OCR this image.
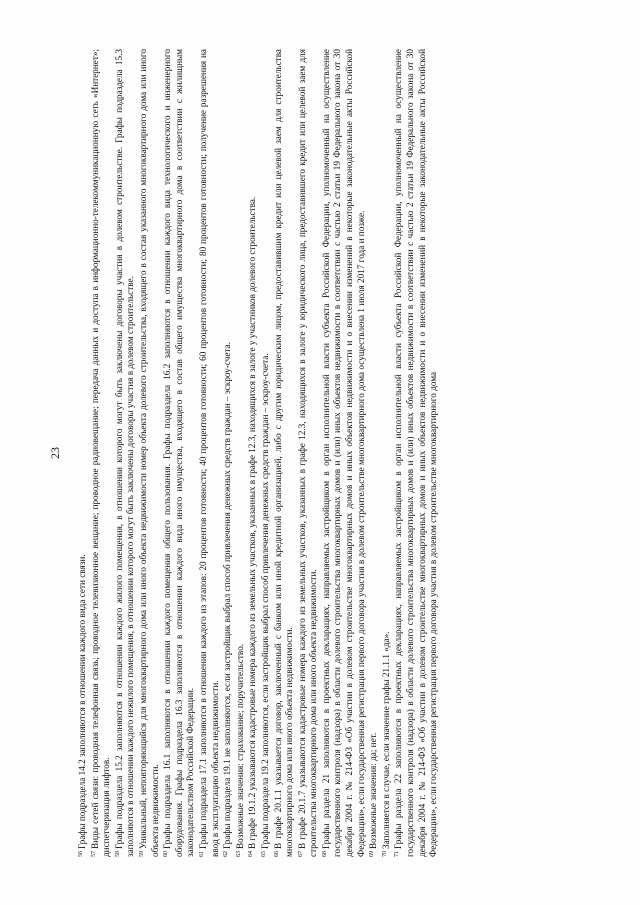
23

$^{56}$Графы подраздела 14.2 заполняются в отношении каждого вида сети связи.

$^{57}$Виды сетей связи: проводная телефонная связь; проводное телевизионное вещание; проводное радиовещание; передача данных и доступа в информационно-телекоммуникационную сеть «Интернет»; диспетчеризация лифтов. $^{58}$Графы подраздела 15.2 заполняются в отношении каждого жилого помещения, в отношении которого могут быть заключены договоры участия в долевом строительстве. Графы подраздела 15.3 заполняются в отношении каждого нежилого помещения, в отношении которого могут быть заключены договоры участия в долевом строительстве. $^{59}$Уникальный, неповторяющийся для многоквартирного дома или иного объекта недвижимости номер объекта долевого строительства, входящего в состав указанного многоквартирного дома или иного объекта недвижимости. $^{60}$Графы подраздела 16.1 заполняются в отношении каждого помещения общего пользования. Графы подраздела 16.2 заполняются в отношении каждого вида технологического и инженерного оборудования. Графы подраздела 16.3 заполняются в отношении каждого вида иного имущества, входящего в состав общего имущества многоквартирного дома в соответствии с жилищным законодательством Российской Федерации. $^{61}$Графы подраздела 17.1 заполняются в отношении каждого из этапов: 20 процентов готовности; 40 процентов готовности; 60 процентов готовности; 80 процентов готовности; получение разрешения на ввод в эксплуатацию объекта недвижимости. $^{62}$Графы подраздела 19.1 не заполняются, если застройщик выбрал способ привлечения денежных средств граждан – эскроу-счета.

$^{63}$Возможные значения: страхование; поручительство.

$^{64}$В графе 19.1.2 указываются кадастровые номера каждого из земельных участков, указанных в графе 12.3, находящихся в залоге у участников долевого строительства.

$^{65}$Графы подраздела 19.2 заполняются, если застройщик выбрал способ привлечения денежных средств граждан – эскроу-счета.

$^{66}$В графе 20.1.1 указывается договор, заключенный с банком или иной кредитной организацией, либо с другим юридическим лицом, предоставившим кредит или целевой заем для строительства многоквартирного дома или иного объекта недвижимости. $^{67}$В графе 20.1.7 указываются кадастровые номера каждого из земельных участков, указанных в графе 12.3, находящихся в залоге у юридического лица, предоставившего кредит или целевой заем для строительства многоквартирного дома или иного объекта недвижимости. $^{68}$Графы раздела 21 заполняются в проектных декларациях, направляемых застройщиком в орган исполнительной власти субъекта Российской Федерации, уполномоченный на осуществление государственного контроля (надзора) в области долевого строительства многоквартирных домов и (или) иных объектов недвижимости в соответствии с частью 2 статьи 19 Федерального закона от 30 декабря 2004 г. № 214-ФЗ «Об участии в долевом строительстве многоквартирных домов и иных объектов недвижимости и о внесении изменений в некоторые законодательные акты Российской Федерации», если государственная регистрация первого договора участия в долевом строительстве многоквартирного дома осуществлена 1 июля 2017 года и позже. $^{69}$Возможные значения: да; нет.

$^{70}$Заполняется в случае, если значение графы 21.1.1 «да».

$^{71}$Графы раздела 22 заполняются в проектных декларациях, направляемых застройщиком в орган исполнительной власти субъекта Российской Федерации, уполномоченный на осуществление государственного контроля (надзора) в области долевого строительства многоквартирных домов и (или) иных объектов недвижимости в соответствии с частью 2 статьи 19 Федерального закона от 30 декабря 2004 г. № 214-ФЗ «Об участии в долевом строительстве многоквартирных домов и иных объектов недвижимости и о внесении изменений в некоторые законодательные акты Российской Федерации», если государственная регистрация первого договора участия в долевом строительстве многоквартирного дома
